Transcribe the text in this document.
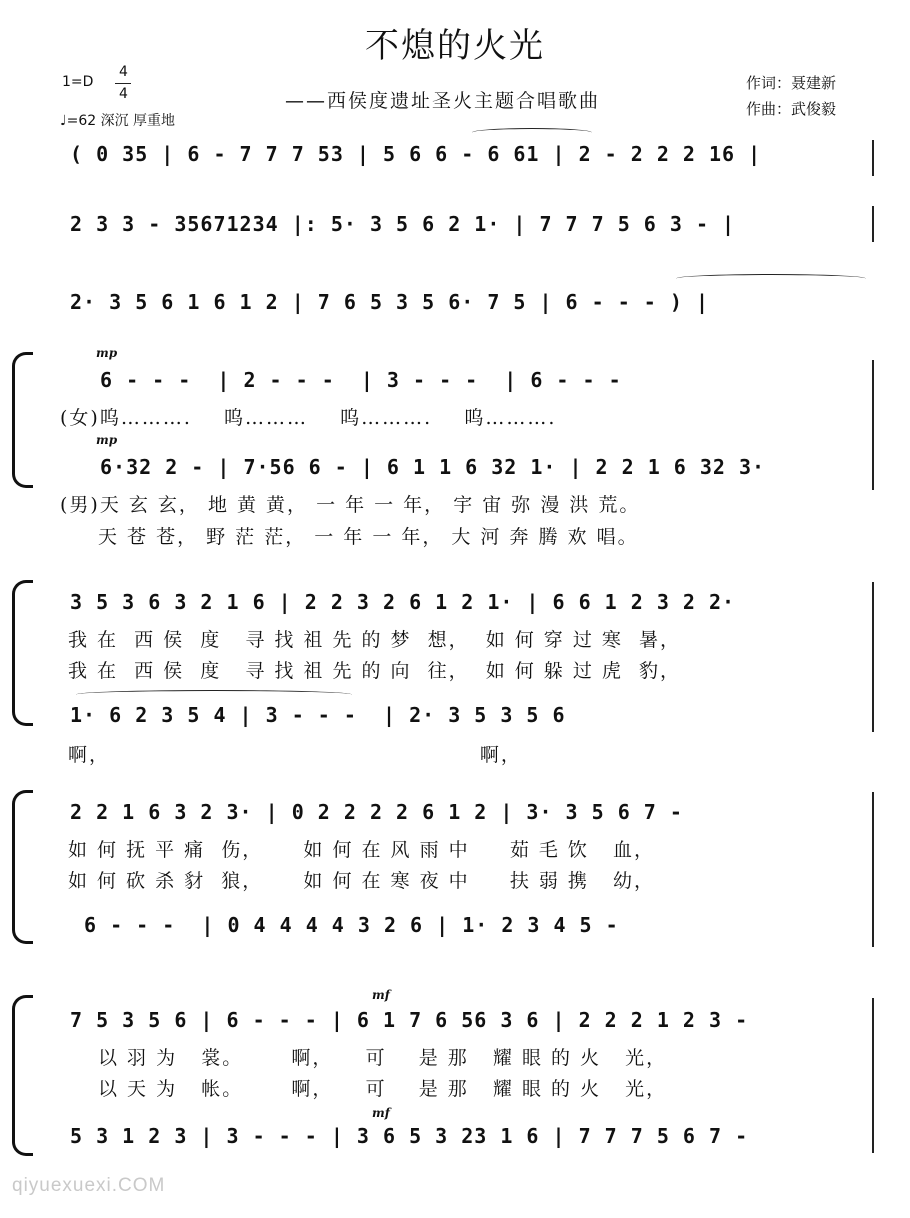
不熄的火光
——西侯度遗址圣火主题合唱歌曲
作词：聂建新
作曲：武俊毅
1=D
4
4
♩=62 深沉 厚重地
( 0 35 | 6 - 7 7 7 53 | 5 6 6 - 6 61 | 2 - 2 2 2 16 |
2 3 3 - 35671234 |: 5· 3 5 6 2 1· | 7 7 7 5 6 3 - |
2· 3 5 6 1 6 1 2 | 7 6 5 3 5 6· 7 5 | 6 - - - ) |
mp
6 - - -  | 2 - - -  | 3 - - -  | 6 - - -
(女)呜……….    呜………    呜……….    呜……….
mp
6·32 2 - | 7·56 6 - | 6 1 1 6 32 1· | 2 2 1 6 32 3·
(男)天 玄 玄， 地 黄 黄， 一 年 一 年， 宇 宙 弥 漫 洪 荒。
天 苍 苍， 野 茫 茫， 一 年 一 年， 大 河 奔 腾 欢 唱。
3 5 3 6 3 2 1 6 | 2 2 3 2 6 1 2 1· | 6 6 1 2 3 2 2·
我 在  西 侯  度   寻 找 祖 先 的 梦  想，  如 何 穿 过 寒  暑，
我 在  西 侯  度   寻 找 祖 先 的 向  往，  如 何 躲 过 虎  豹，
1· 6 2 3 5 4 | 3 - - -  | 2· 3 5 3 5 6
啊，                                              啊，
2 2 1 6 3 2 3· | 0 2 2 2 2 6 1 2 | 3· 3 5 6 7 -
如 何 抚 平 痛  伤，     如 何 在 风 雨 中     茹 毛 饮   血，
如 何 砍 杀 豺  狼，     如 何 在 寒 夜 中     扶 弱 携   幼，
6 - - -  | 0 4 4 4 4 3 2 6 | 1· 2 3 4 5 -
mf
7 5 3 5 6 | 6 - - - | 6 1 7 6 56 3 6 | 2 2 2 1 2 3 -
以 羽 为   裳。      啊，    可    是 那   耀 眼 的 火   光，
以 天 为   帐。      啊，    可    是 那   耀 眼 的 火   光，
mf
5 3 1 2 3 | 3 - - - | 3 6 5 3 23 1 6 | 7 7 7 5 6 7 -
qiyuexuexi.COM
